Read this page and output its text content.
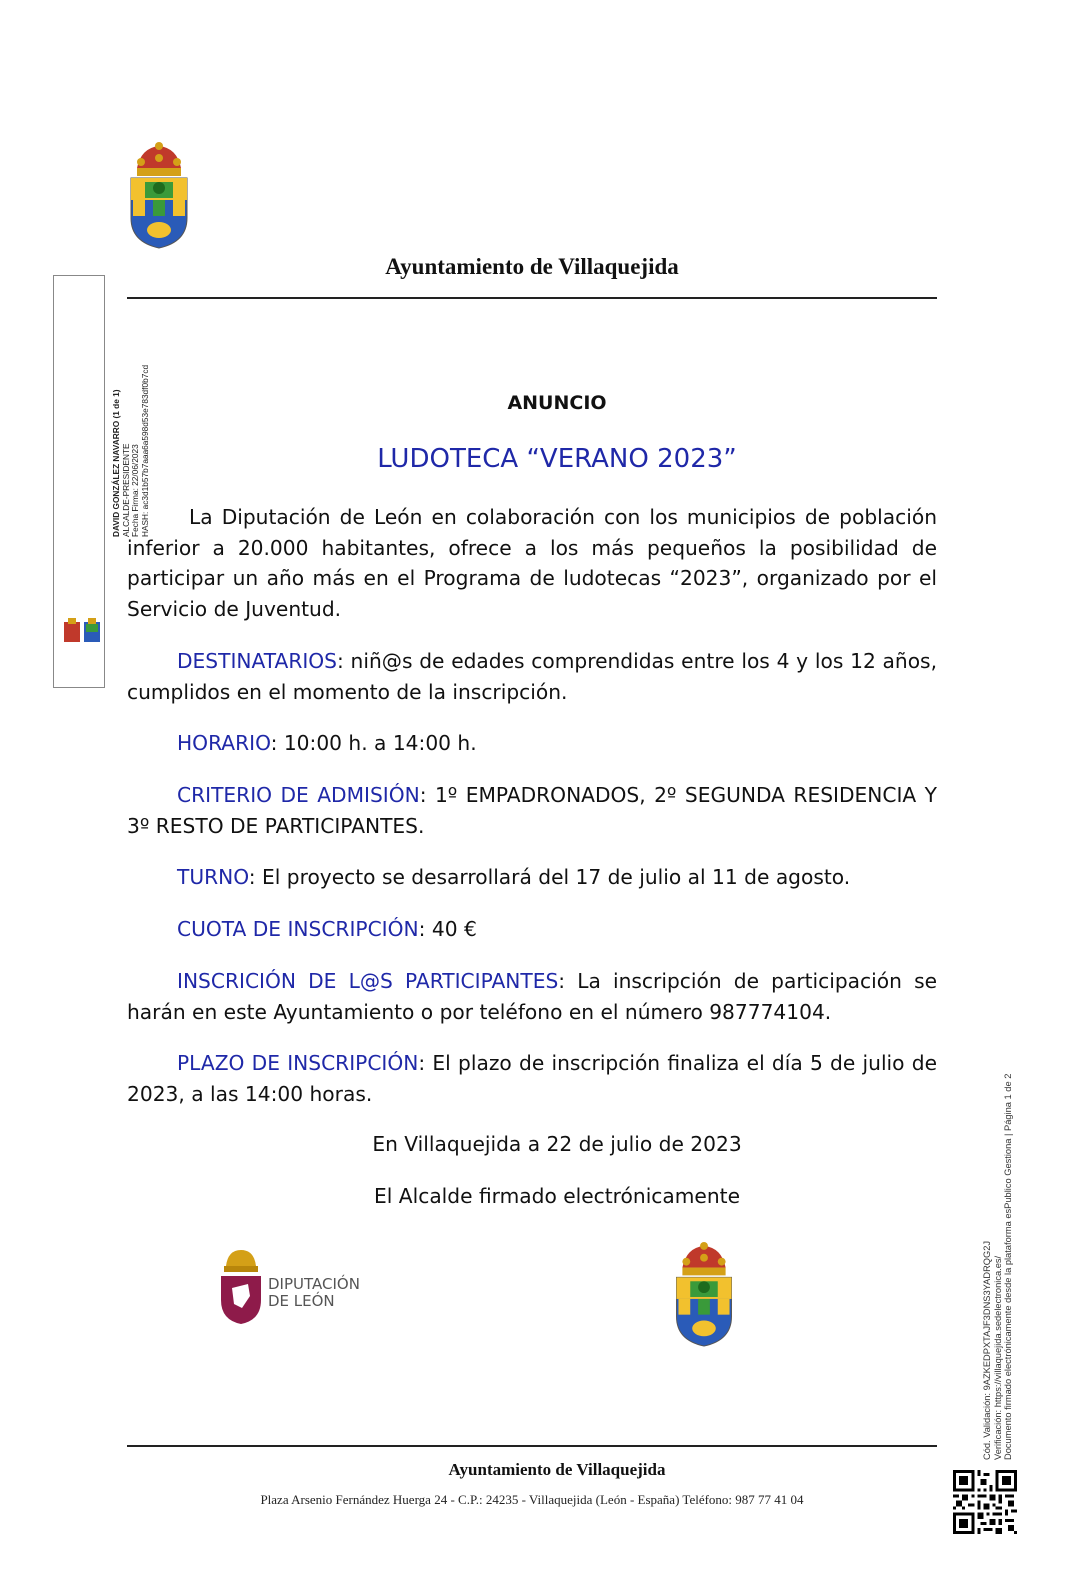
Ayuntamiento de Villaquejida
DAVID GONZÁLEZ NAVARRO (1 de 1) ALCALDE-PRESIDENTE Fecha Firma: 22/06/2023 HASH: ac3d1b57b7aaa6a598d53e783df0b7cd	ANUNCIO
LUDOTECA “VERANO 2023”

La Diputación de León en colaboración con los municipios de población inferior a 20.000 habitantes, ofrece a los más pequeños la posibilidad de participar un año más en el Programa de ludotecas “2023”, organizado por el Servicio de Juventud.

DESTINATARIOS: niñ@s de edades comprendidas entre los 4 y los 12 años, cumplidos en el momento de la inscripción.

HORARIO: 10:00 h. a 14:00 h.

CRITERIO DE ADMISIÓN: 1º EMPADRONADOS, 2º SEGUNDA RESIDENCIA Y 3º RESTO DE PARTICIPANTES.

TURNO: El proyecto se desarrollará del 17 de julio al 11 de agosto.

CUOTA DE INSCRIPCIÓN: 40 €

INSCRICIÓN DE L@S PARTICIPANTES: La inscripción de participación se harán en este Ayuntamiento o por teléfono en el número 987774104.

PLAZO DE INSCRIPCIÓN: El plazo de inscripción finaliza el día 5 de julio de 2023, a las 14:00 horas.

En Villaquejida a 22 de julio de 2023
El Alcalde firmado electrónicamente
DIPUTACIÓN
DE LEÓN
Ayuntamiento de Villaquejida
Plaza Arsenio Fernández Huerga 24 - C.P.: 24235 - Villaquejida (León - España) Teléfono: 987 77 41 04
Cód. Validación: 9AZKEDPXTAJF3DNS3YADRQG2J Verificación: https://villaquejida.sedelectronica.es/ Documento firmado electrónicamente desde la plataforma esPublico Gestiona | Página 1 de 2
